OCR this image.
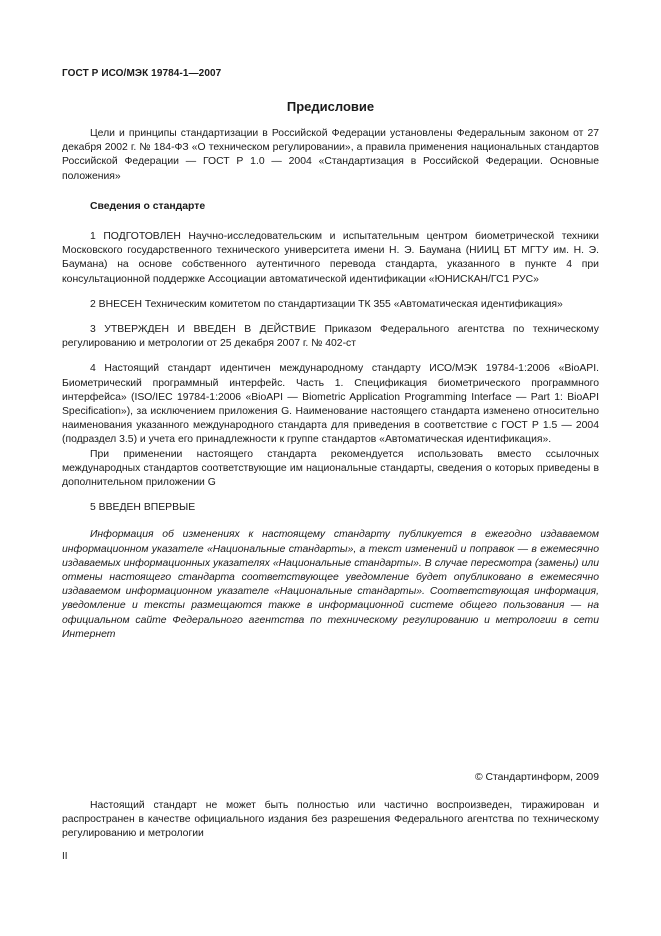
ГОСТ Р ИСО/МЭК 19784-1—2007
Предисловие

Цели и принципы стандартизации в Российской Федерации установлены Федеральным законом от 27 декабря 2002 г. № 184-ФЗ «О техническом регулировании», а правила применения национальных стандартов Российской Федерации — ГОСТ Р 1.0 — 2004 «Стандартизация в Российской Федерации. Основные положения»

Сведения о стандарте

1 ПОДГОТОВЛЕН Научно-исследовательским и испытательным центром биометрической техники Московского государственного технического университета имени Н. Э. Баумана (НИИЦ БТ МГТУ им. Н. Э. Баумана) на основе собственного аутентичного перевода стандарта, указанного в пункте 4 при консультационной поддержке Ассоциации автоматической идентификации «ЮНИСКАН/ГС1 РУС»

2 ВНЕСЕН Техническим комитетом по стандартизации ТК 355 «Автоматическая идентификация»

3 УТВЕРЖДЕН И ВВЕДЕН В ДЕЙСТВИЕ Приказом Федерального агентства по техническому регулированию и метрологии от 25 декабря 2007 г. № 402-ст

4 Настоящий стандарт идентичен международному стандарту ИСО/МЭК 19784-1:2006 «BioAPI. Биометрический программный интерфейс. Часть 1. Спецификация биометрического программного интерфейса» (ISO/IEC 19784-1:2006 «BioAPI — Biometric Application Programming Interface — Part 1: BioAPI Specification»), за исключением приложения G. Наименование настоящего стандарта изменено относительно наименования указанного международного стандарта для приведения в соответствие с ГОСТ Р 1.5 — 2004 (подраздел 3.5) и учета его принадлежности к группе стандартов «Автоматическая идентификация».

При применении настоящего стандарта рекомендуется использовать вместо ссылочных международных стандартов соответствующие им национальные стандарты, сведения о которых приведены в дополнительном приложении G

5 ВВЕДЕН ВПЕРВЫЕ

Информация об изменениях к настоящему стандарту публикуется в ежегодно издаваемом информационном указателе «Национальные стандарты», а текст изменений и поправок — в ежемесячно издаваемых информационных указателях «Национальные стандарты». В случае пересмотра (замены) или отмены настоящего стандарта соответствующее уведомление будет опубликовано в ежемесячно издаваемом информационном указателе «Национальные стандарты». Соответствующая информация, уведомление и тексты размещаются также в информационной системе общего пользования — на официальном сайте Федерального агентства по техническому регулированию и метрологии в сети Интернет

© Стандартинформ, 2009

Настоящий стандарт не может быть полностью или частично воспроизведен, тиражирован и распространен в качестве официального издания без разрешения Федерального агентства по техническому регулированию и метрологии

II
